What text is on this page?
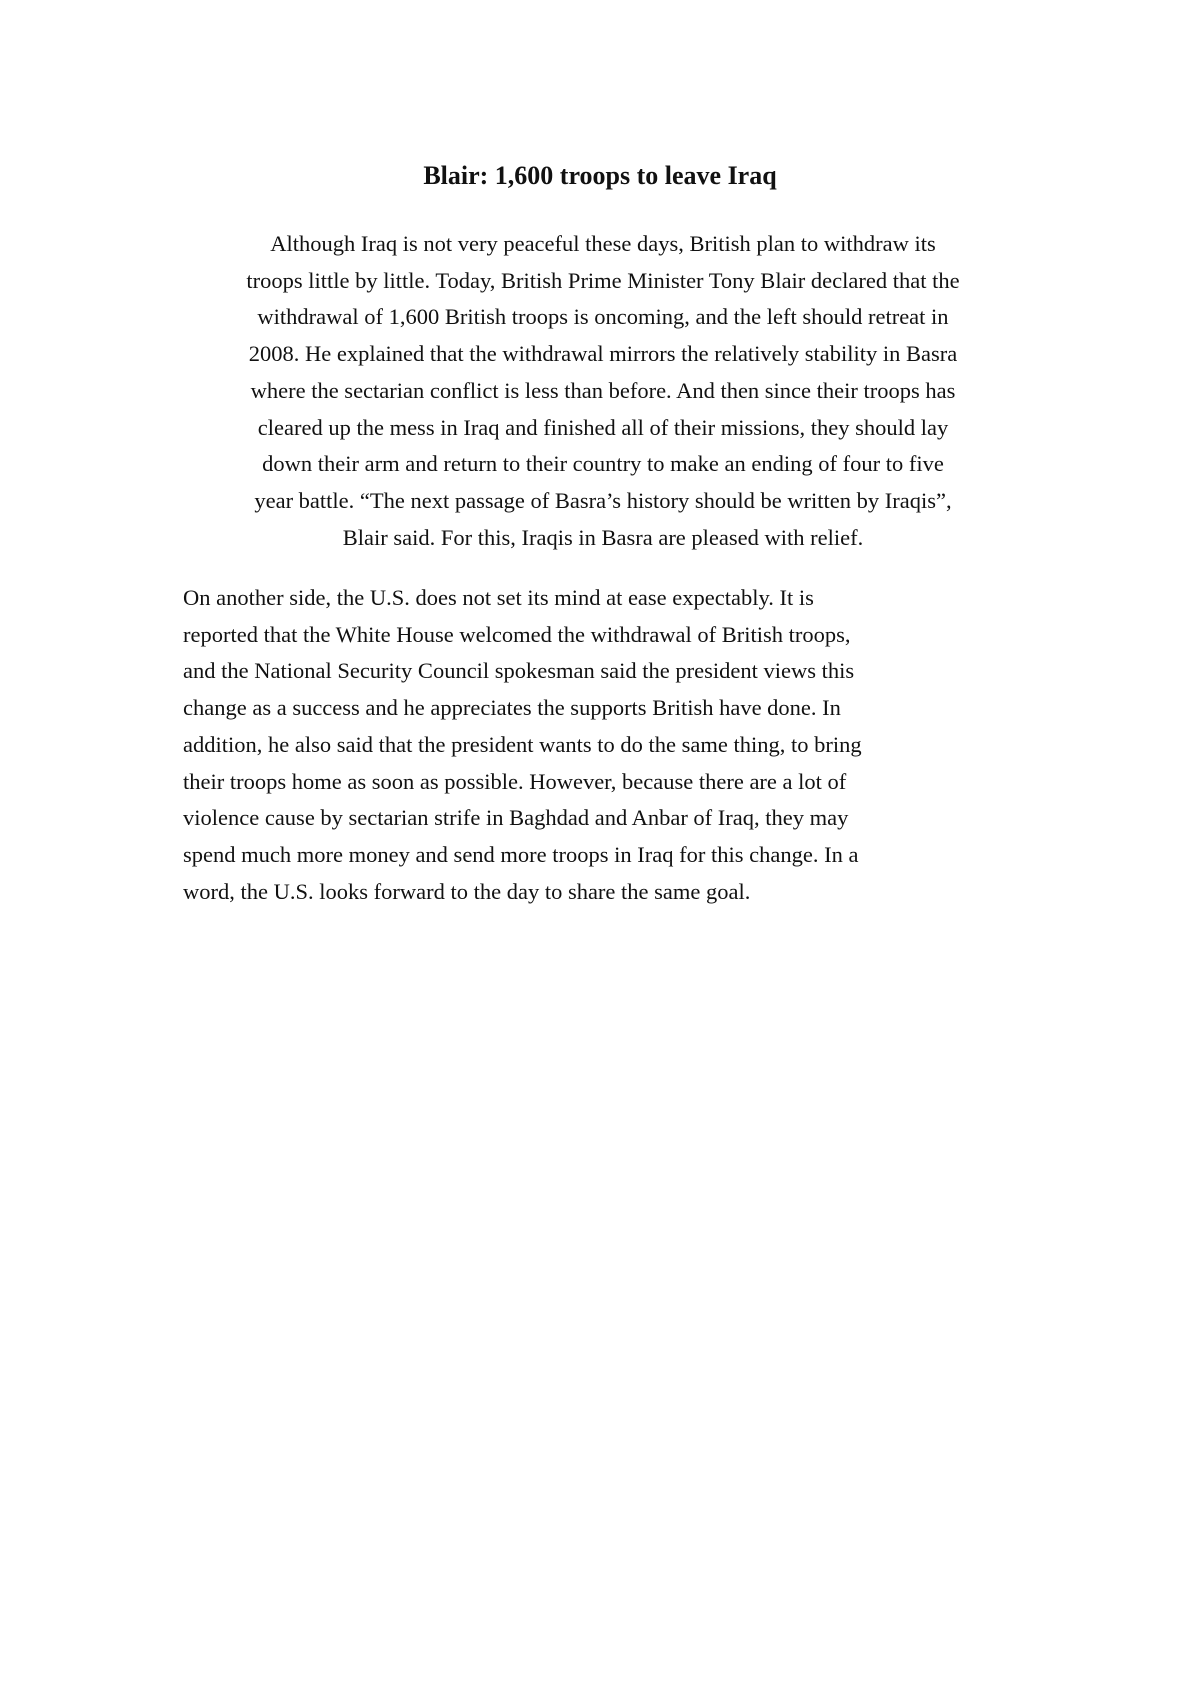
Blair: 1,600 troops to leave Iraq
Although Iraq is not very peaceful these days, British plan to withdraw its
troops little by little. Today, British Prime Minister Tony Blair declared that the
withdrawal of 1,600 British troops is oncoming, and the left should retreat in
2008. He explained that the withdrawal mirrors the relatively stability in Basra
where the sectarian conflict is less than before. And then since their troops has
cleared up the mess in Iraq and finished all of their missions, they should lay
down their arm and return to their country to make an ending of four to five
year battle. “The next passage of Basra’s history should be written by Iraqis”,
Blair said. For this, Iraqis in Basra are pleased with relief.
On another side, the U.S. does not set its mind at ease expectably. It is
reported that the White House welcomed the withdrawal of British troops,
and the National Security Council spokesman said the president views this
change as a success and he appreciates the supports British have done. In
addition, he also said that the president wants to do the same thing, to bring
their troops home as soon as possible. However, because there are a lot of
violence cause by sectarian strife in Baghdad and Anbar of Iraq, they may
spend much more money and send more troops in Iraq for this change. In a
word, the U.S. looks forward to the day to share the same goal.
